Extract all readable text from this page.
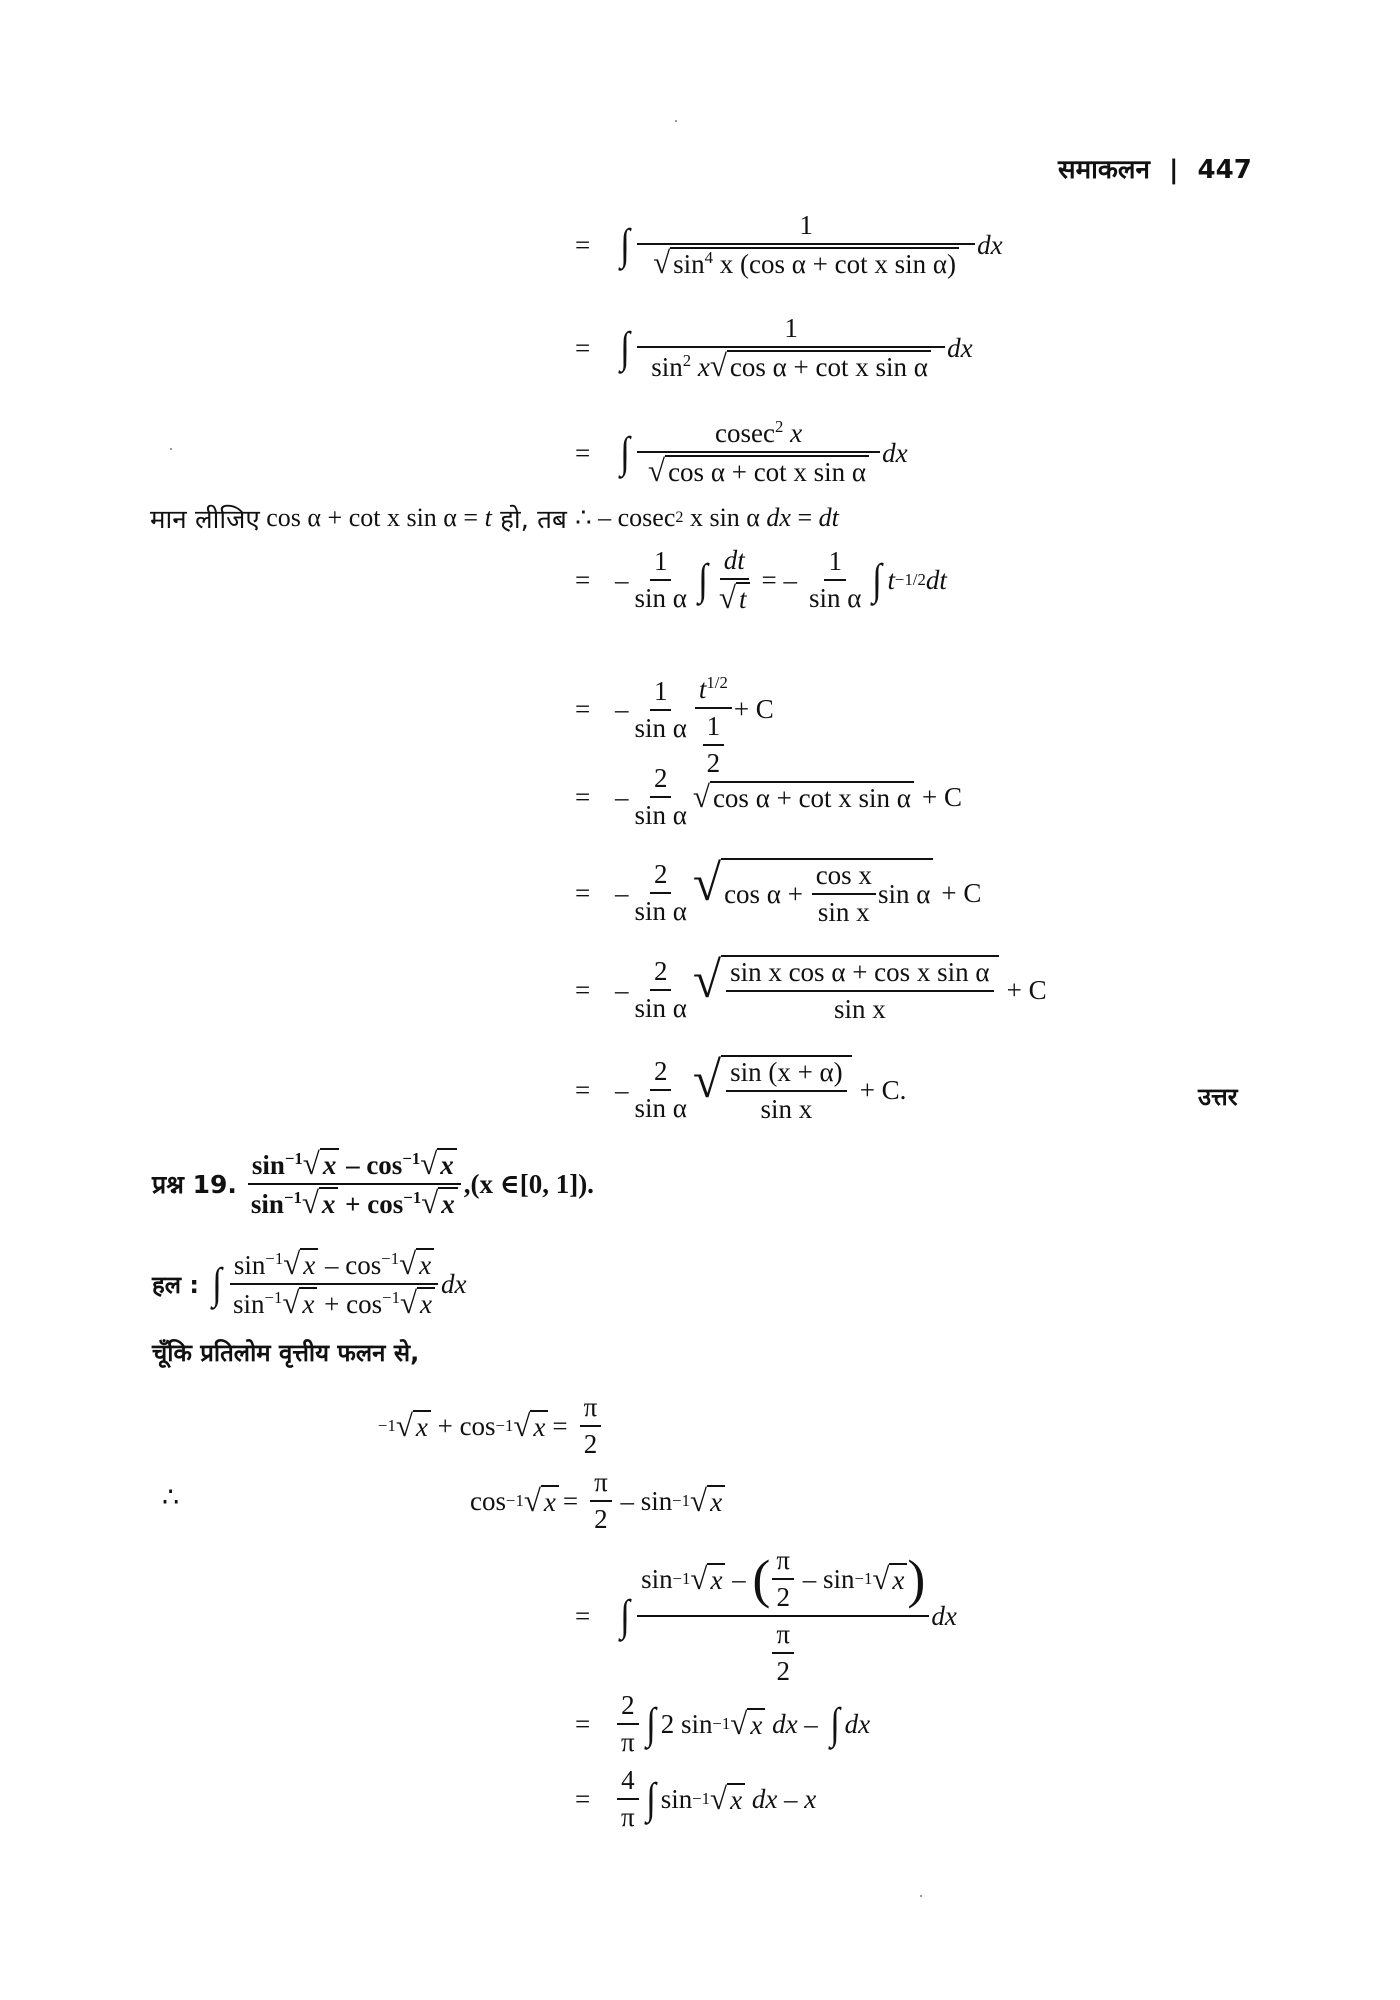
समाकलन | 447
= ∫ $\frac{1}{√ \sin^4 x (\cos \alpha + \cot x \sin \alpha)}$ dx
= ∫ $\frac{1}{\sin^2 x √ \cos \alpha + \cot x \sin \alpha}$ dx
= ∫ $\frac{cosec^2 x}{\text{√ cos α + cot x sin α}}$ dx
मान लीजिए cos α + cot x sin α = t हो, तब ∴ – cosec 2 x sin α dx = dt
= – $\frac{1}{\text{sin α}}$ ∫ $\frac{dt}{√ t}$ = – $\frac{1}{\text{sin α}}$ ∫ t −1/2 dt
= – $\frac{1}{\text{sin α}} \frac{t^{1/2}}{\frac{1}{2}} + C$
= – $\frac{2}{\text{sin α}}$ √ cos α + cot x sin α + C
= – $\frac{2}{\text{sin α}}$ √ $\cos \alpha + \frac{\text{cos x}}{\text{sin x}}$ sin α + C
= – $\frac{2}{\text{sin α}}$ √ $\frac{\text{sin x cos α + cos x sin α}}{\text{sin x}} + C$
= – $\frac{2}{\text{sin α}}$ √ $\frac{\sin (x + \alpha)}{\text{sin x}} + C$.	उत्तर
प्रश्न 19. $\frac{\sin^{-1} √ x - \cos^{-1} √ x}{\sin^{-1} √ x + \cos^{-1} √ x} ,(x$ ∈[0, 1]).
हल : ∫ $\frac{\sin^{-1} √ x - \cos^{-1} √ x}{\sin^{-1} √ x + \cos^{-1} √ x}$ dx
चूँकि प्रतिलोम वृत्तीय फलन से,
−1 √ x + cos −1 √ $x = \frac{\pi}{2}$
∴	cos −1 √ $x = \frac{\pi}{2} - \sin -1$ √ x
= ∫
sin −1 √ x – ( $\frac{\pi}{2} - \sin -1$ √ x )
$\frac{\pi}{2}$
dx
= $\frac{2}{\pi}$ ∫ 2 sin −1 √ x dx – ∫ dx
= $\frac{4}{\pi}$ ∫ sin −1 √ x dx – x
